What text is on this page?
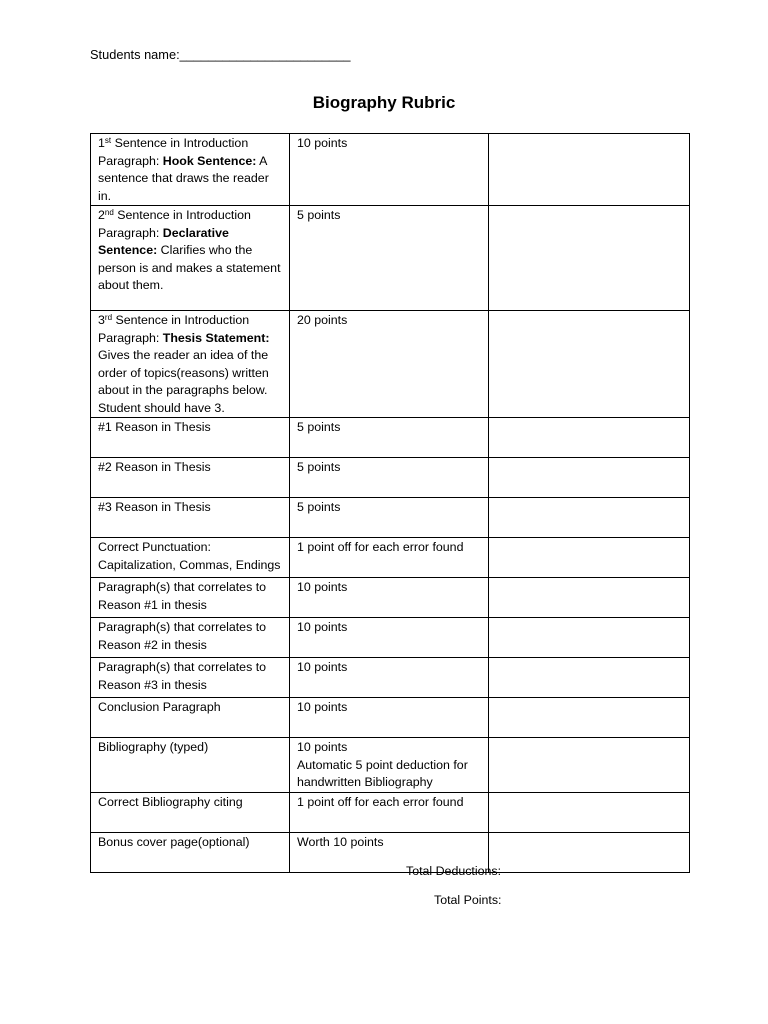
Students name:________________________
Biography Rubric
1st Sentence in Introduction Paragraph: Hook Sentence: A sentence that draws the reader in.	10 points	

2nd Sentence in Introduction Paragraph: Declarative Sentence: Clarifies who the person is and makes a statement about them.	5 points	

3rd Sentence in Introduction Paragraph: Thesis Statement: Gives the reader an idea of the order of topics(reasons) written about in the paragraphs below. Student should have 3.	20 points	

#1 Reason in Thesis	5 points	

#2 Reason in Thesis	5 points	

#3 Reason in Thesis	5 points	

Correct Punctuation: Capitalization, Commas, Endings	1 point off for each error found	

Paragraph(s) that correlates to Reason #1 in thesis	10 points	

Paragraph(s) that correlates to Reason #2 in thesis	10 points	

Paragraph(s) that correlates to Reason #3 in thesis	10 points	

Conclusion Paragraph	10 points	

Bibliography (typed)	10 points
Automatic 5 point deduction for handwritten Bibliography	

Correct Bibliography citing	1 point off for each error found	

Bonus cover page(optional)	Worth 10 points	

Total Deductions:
Total Points:
